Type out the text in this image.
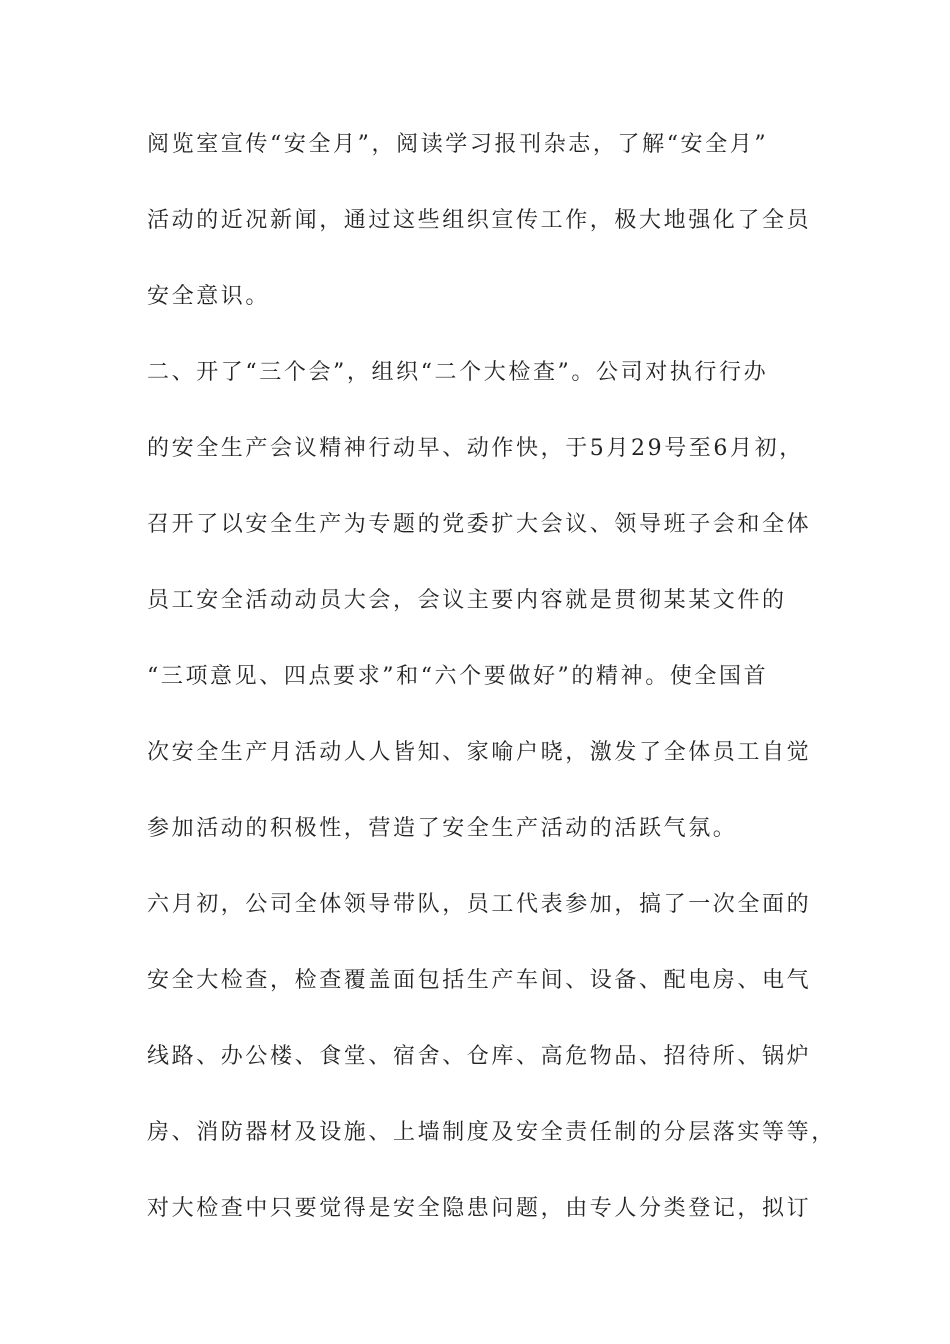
阅览室宣传“安全月”，阅读学习报刊杂志，了解“安全月”
活动的近况新闻，通过这些组织宣传工作，极大地强化了全员
安全意识。
二、开了“三个会”，组织“二个大检查”。公司对执行行办
的安全生产会议精神行动早、动作快，于5月29号至6月初，
召开了以安全生产为专题的党委扩大会议、领导班子会和全体
员工安全活动动员大会，会议主要内容就是贯彻某某文件的
“三项意见、四点要求”和“六个要做好”的精神。使全国首
次安全生产月活动人人皆知、家喻户晓，激发了全体员工自觉
参加活动的积极性，营造了安全生产活动的活跃气氛。
六月初，公司全体领导带队，员工代表参加，搞了一次全面的
安全大检查，检查覆盖面包括生产车间、设备、配电房、电气
线路、办公楼、食堂、宿舍、仓库、高危物品、招待所、锅炉
房、消防器材及设施、上墙制度及安全责任制的分层落实等等，
对大检查中只要觉得是安全隐患问题，由专人分类登记，拟订
